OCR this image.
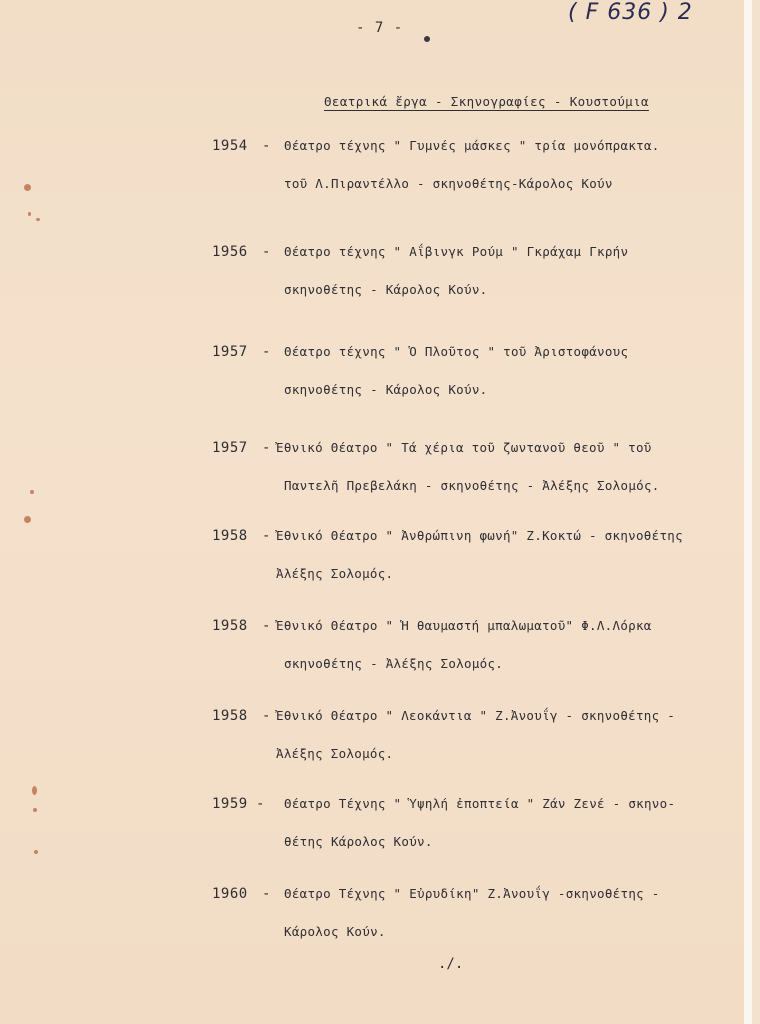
- 7 -
( F 636 ) 2
Θεατρικά ἔργα - Σκηνογραφίες - Κουστούμια
1954 - Θέατρο τέχνης " Γυμνές μάσκες " τρία μονόπρακτα.
τοῦ Λ.Πιραντέλλο - σκηνοθέτης-Κάρολος Κούν
1956 - Θέατρο τέχνης " Αΐβινγκ Ρούμ " Γκράχαμ Γκρήν
σκηνοθέτης - Κάρολος Κούν.
1957 - Θέατρο τέχνης " Ὁ Πλοῦτος " τοῦ Ἀριστοφάνους
σκηνοθέτης - Κάρολος Κούν.
1957 - Ἐθνικό Θέατρο " Τά χέρια τοῦ ζωντανοῦ θεοῦ " τοῦ
Παντελῆ Πρεβελάκη - σκηνοθέτης - Ἀλέξης Σολομός.
1958 - Ἐθνικό Θέατρο " Ἀνθρώπινη φωνή" Ζ.Κοκτώ - σκηνοθέτης
Ἀλέξης Σολομός.
1958 - Ἐθνικό Θέατρο " Ἡ θαυμαστή μπαλωματοῦ" Φ.Λ.Λόρκα
σκηνοθέτης - Ἀλέξης Σολομός.
1958 - Ἐθνικό Θέατρο " Λεοκάντια " Ζ.Ἀνουΐγ - σκηνοθέτης -
Ἀλέξης Σολομός.
1959 - Θέατρο Τέχνης " Ὑψηλή ἐποπτεία " Ζάν Ζενέ - σκηνο-
θέτης Κάρολος Κούν.
1960 - Θέατρο Τέχνης " Εὐρυδίκη" Ζ.Ἀνουΐγ -σκηνοθέτης -
Κάρολος Κούν.
./.
